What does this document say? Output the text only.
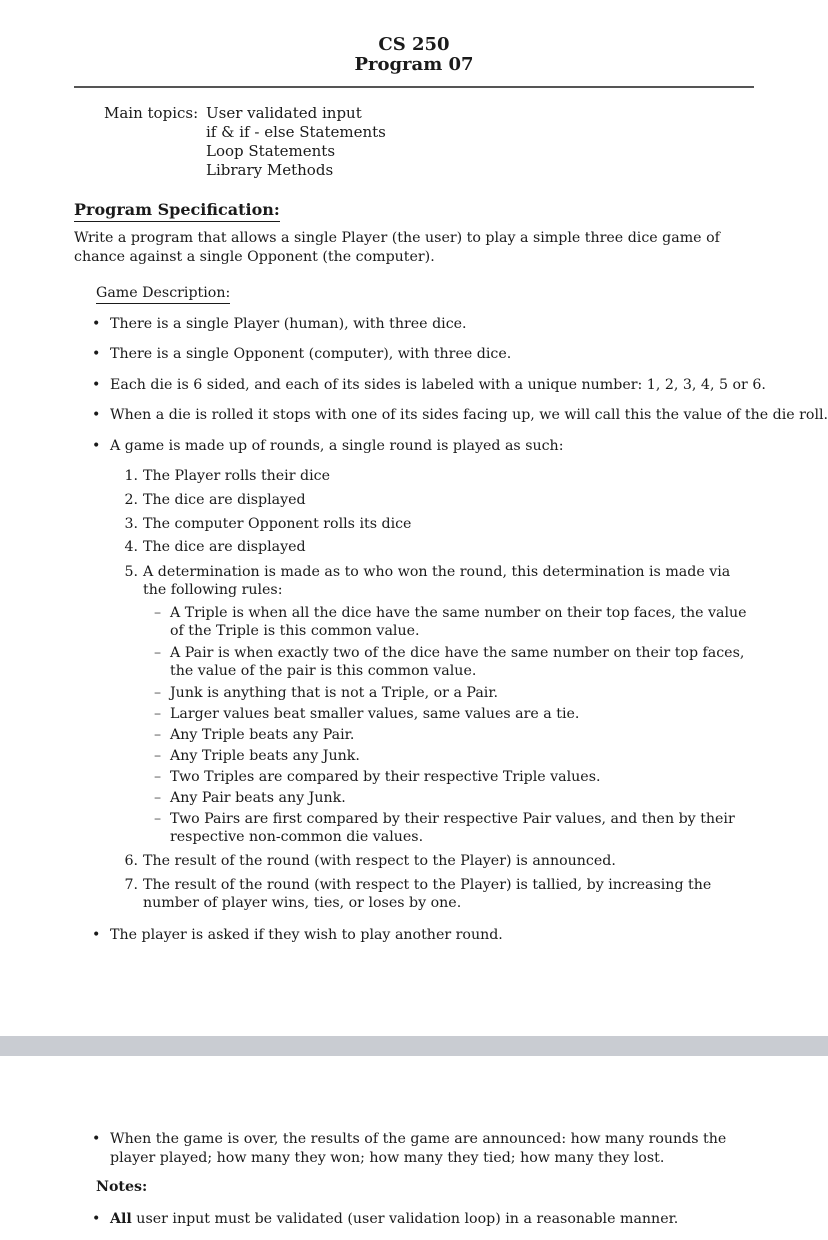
CS 250
Program 07
Main topics: User validated input
if & if - else Statements
Loop Statements
Library Methods
Program Specification:
Write a program that allows a single Player (the user) to play a simple three dice game of chance against a single Opponent (the computer).
Game Description:
• There is a single Player (human), with three dice.
• There is a single Opponent (computer), with three dice.
• Each die is 6 sided, and each of its sides is labeled with a unique number: 1, 2, 3, 4, 5 or 6.
• When a die is rolled it stops with one of its sides facing up, we will call this the value of the die roll.
• A game is made up of rounds, a single round is played as such:
1. The Player rolls their dice
2. The dice are displayed
3. The computer Opponent rolls its dice
4. The dice are displayed
5. A determination is made as to who won the round, this determination is made via the following rules:
– A Triple is when all the dice have the same number on their top faces, the value of the Triple is this common value.
– A Pair is when exactly two of the dice have the same number on their top faces, the value of the pair is this common value.
– Junk is anything that is not a Triple, or a Pair.
– Larger values beat smaller values, same values are a tie.
– Any Triple beats any Pair.
– Any Triple beats any Junk.
– Two Triples are compared by their respective Triple values.
– Any Pair beats any Junk.
– Two Pairs are first compared by their respective Pair values, and then by their respective non-common die values.
6. The result of the round (with respect to the Player) is announced.
7. The result of the round (with respect to the Player) is tallied, by increasing the number of player wins, ties, or loses by one.
• The player is asked if they wish to play another round.
• When the game is over, the results of the game are announced: how many rounds the player played; how many they won; how many they tied; how many they lost.
Notes:
• All user input must be validated (user validation loop) in a reasonable manner.
